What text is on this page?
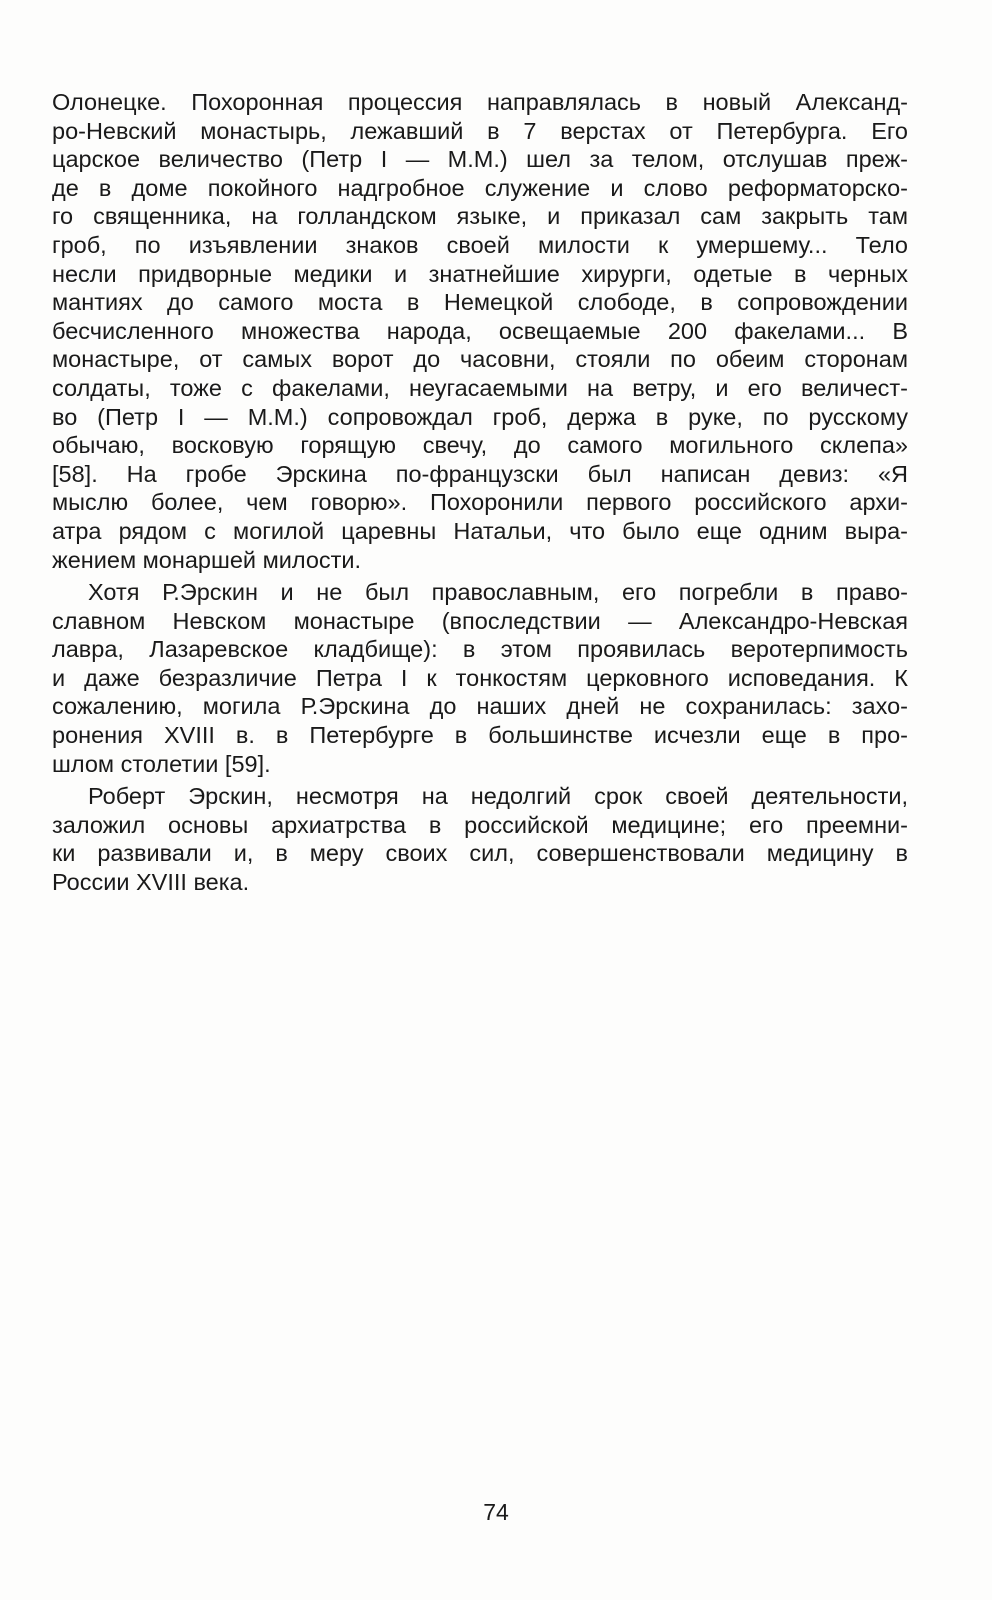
Олонецке. Похоронная процессия направлялась в новый Александ-
ро-Невский монастырь, лежавший в 7 верстах от Петербурга. Его
царское величество (Петр I — М.М.) шел за телом, отслушав преж-
де в доме покойного надгробное служение и слово реформаторско-
го священника, на голландском языке, и приказал сам закрыть там
гроб, по изъявлении знаков своей милости к умершему... Тело
несли придворные медики и знатнейшие хирурги, одетые в черных
мантиях до самого моста в Немецкой слободе, в сопровождении
бесчисленного множества народа, освещаемые 200 факелами... В
монастыре, от самых ворот до часовни, стояли по обеим сторонам
солдаты, тоже с факелами, неугасаемыми на ветру, и его величест-
во (Петр I — М.М.) сопровождал гроб, держа в руке, по русскому
обычаю, восковую горящую свечу, до самого могильного склепа»
[58]. На гробе Эрскина по-французски был написан девиз: «Я
мыслю более, чем говорю». Похоронили первого российского архи-
атра рядом с могилой царевны Натальи, что было еще одним выра-
жением монаршей милости.
Хотя Р.Эрскин и не был православным, его погребли в право-
славном Невском монастыре (впоследствии — Александро-Невская
лавра, Лазаревское кладбище): в этом проявилась веротерпимость
и даже безразличие Петра I к тонкостям церковного исповедания. К
сожалению, могила Р.Эрскина до наших дней не сохранилась: захо-
ронения XVIII в. в Петербурге в большинстве исчезли еще в про-
шлом столетии [59].
Роберт Эрскин, несмотря на недолгий срок своей деятельности,
заложил основы архиатрства в российской медицине; его преемни-
ки развивали и, в меру своих сил, совершенствовали медицину в
России XVIII века.
74
